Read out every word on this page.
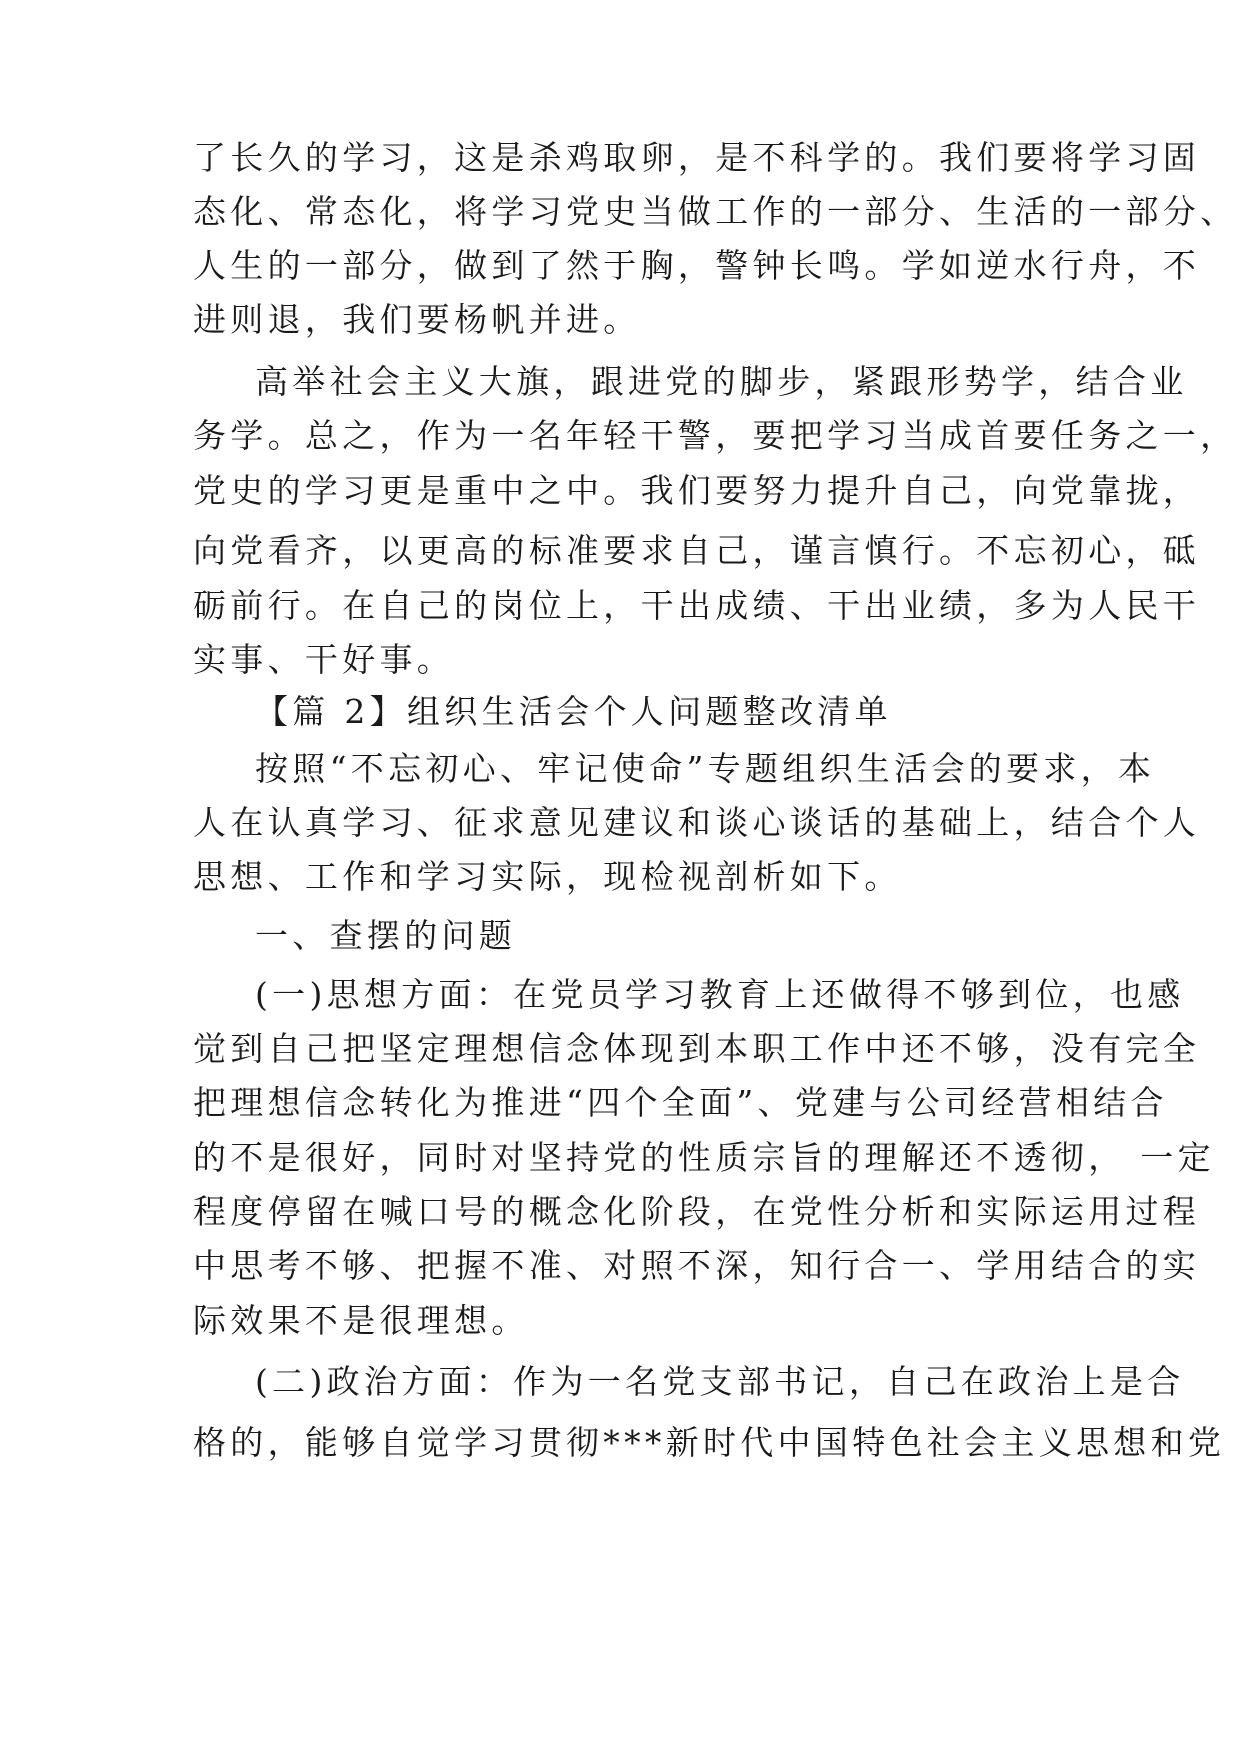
了长久的学习，这是杀鸡取卵，是不科学的。我们要将学习固
态化、常态化，将学习党史当做工作的一部分、生活的一部分、
人生的一部分，做到了然于胸，警钟长鸣。学如逆水行舟，不
进则退，我们要杨帆并进。
高举社会主义大旗，跟进党的脚步，紧跟形势学，结合业
务学。总之，作为一名年轻干警，要把学习当成首要任务之一，
党史的学习更是重中之中。我们要努力提升自己，向党靠拢，
向党看齐，以更高的标准要求自己，谨言慎行。不忘初心，砥
砺前行。在自己的岗位上，干出成绩、干出业绩，多为人民干
实事、干好事。
【篇 2】组织生活会个人问题整改清单
按照“不忘初心、牢记使命”专题组织生活会的要求，本
人在认真学习、征求意见建议和谈心谈话的基础上，结合个人
思想、工作和学习实际，现检视剖析如下。
一、查摆的问题
(一)思想方面：在党员学习教育上还做得不够到位，也感
觉到自己把坚定理想信念体现到本职工作中还不够，没有完全
把理想信念转化为推进“四个全面”、党建与公司经营相结合
的不是很好，同时对坚持党的性质宗旨的理解还不透彻， 一定
程度停留在喊口号的概念化阶段，在党性分析和实际运用过程
中思考不够、把握不准、对照不深，知行合一、学用结合的实
际效果不是很理想。
(二)政治方面：作为一名党支部书记，自己在政治上是合
格的，能够自觉学习贯彻***新时代中国特色社会主义思想和党
